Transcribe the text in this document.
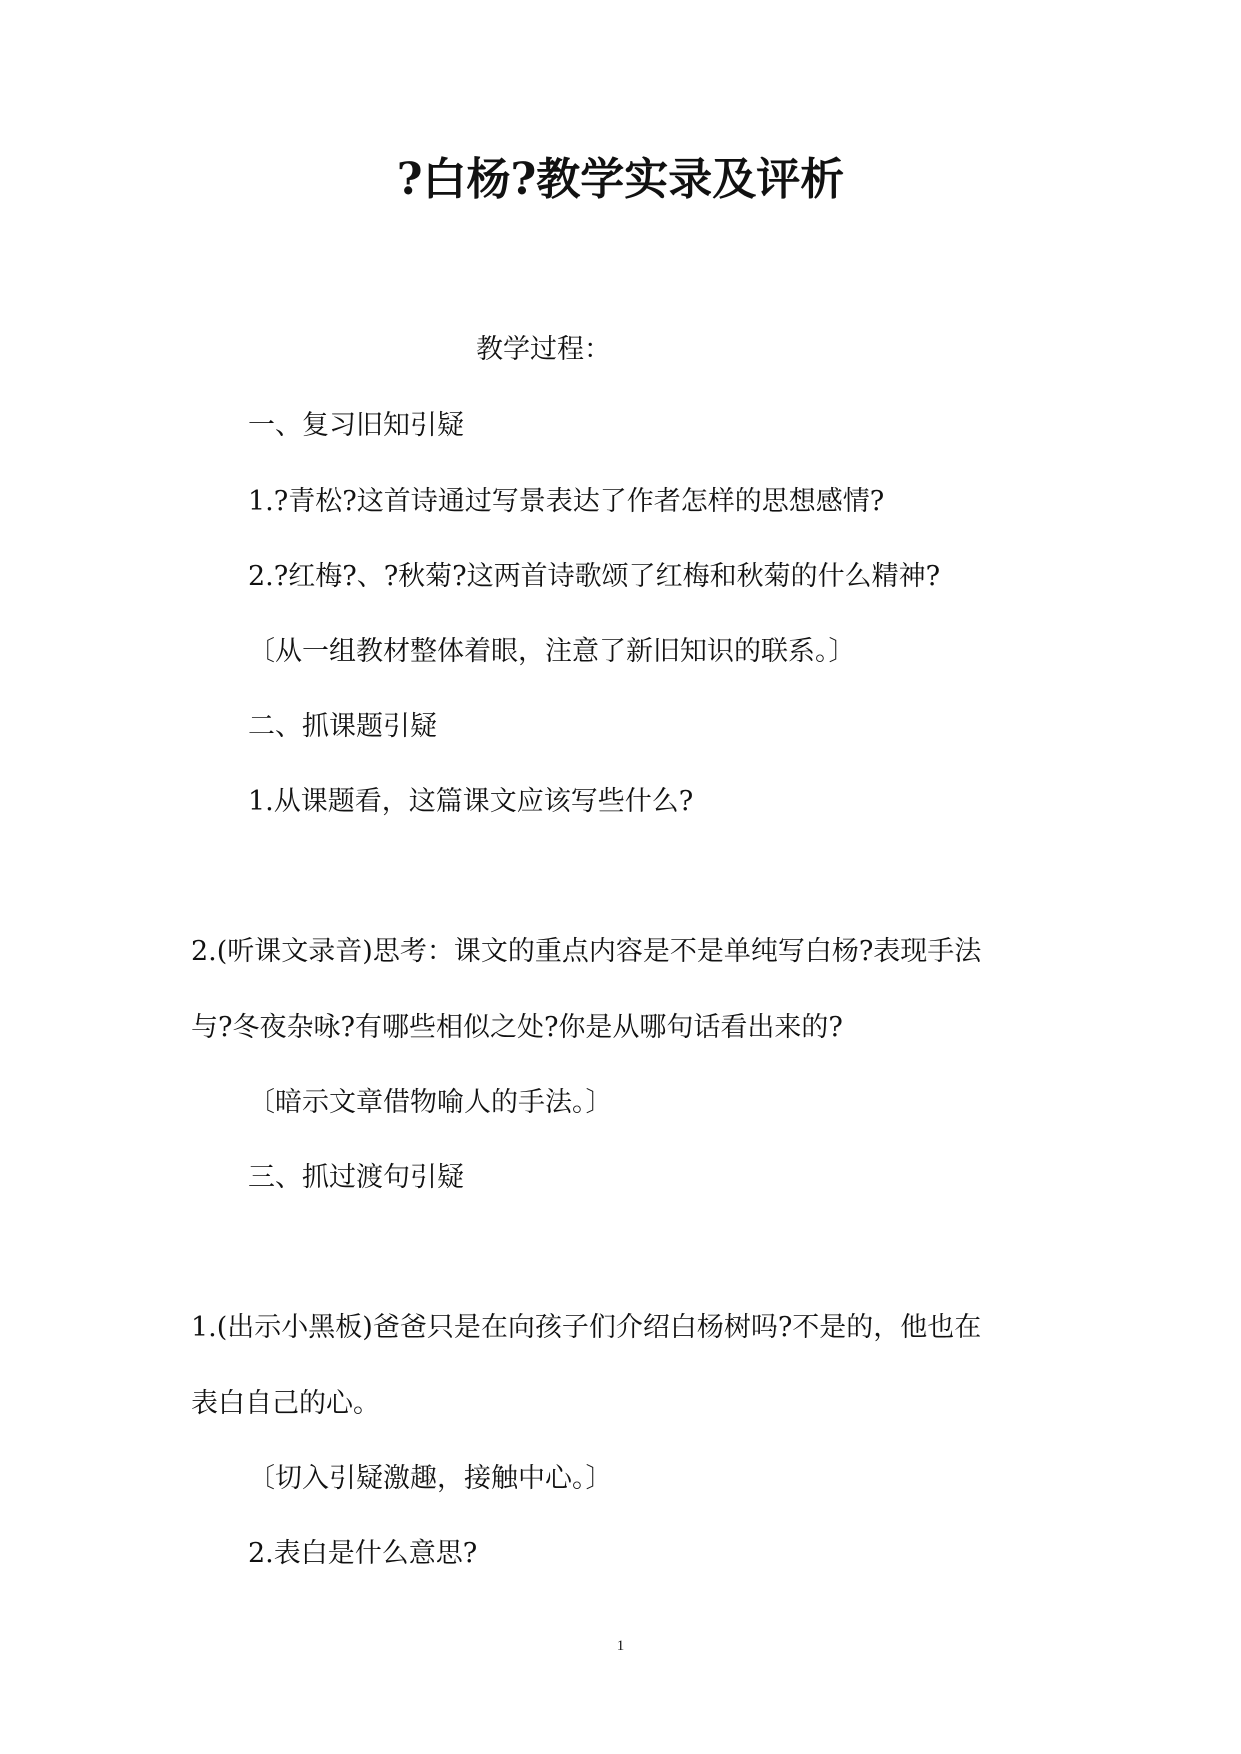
?白杨?教学实录及评析
教学过程：
一、复习旧知引疑
1.?青松?这首诗通过写景表达了作者怎样的思想感情?
2.?红梅?、?秋菊?这两首诗歌颂了红梅和秋菊的什么精神?
〔从一组教材整体着眼，注意了新旧知识的联系。〕
二、抓课题引疑
1.从课题看，这篇课文应该写些什么?
2.(听课文录音)思考：课文的重点内容是不是单纯写白杨?表现手法
与?冬夜杂咏?有哪些相似之处?你是从哪句话看出来的?
〔暗示文章借物喻人的手法。〕
三、抓过渡句引疑
1.(出示小黑板)爸爸只是在向孩子们介绍白杨树吗?不是的，他也在
表白自己的心。
〔切入引疑激趣，接触中心。〕
2.表白是什么意思?
1
